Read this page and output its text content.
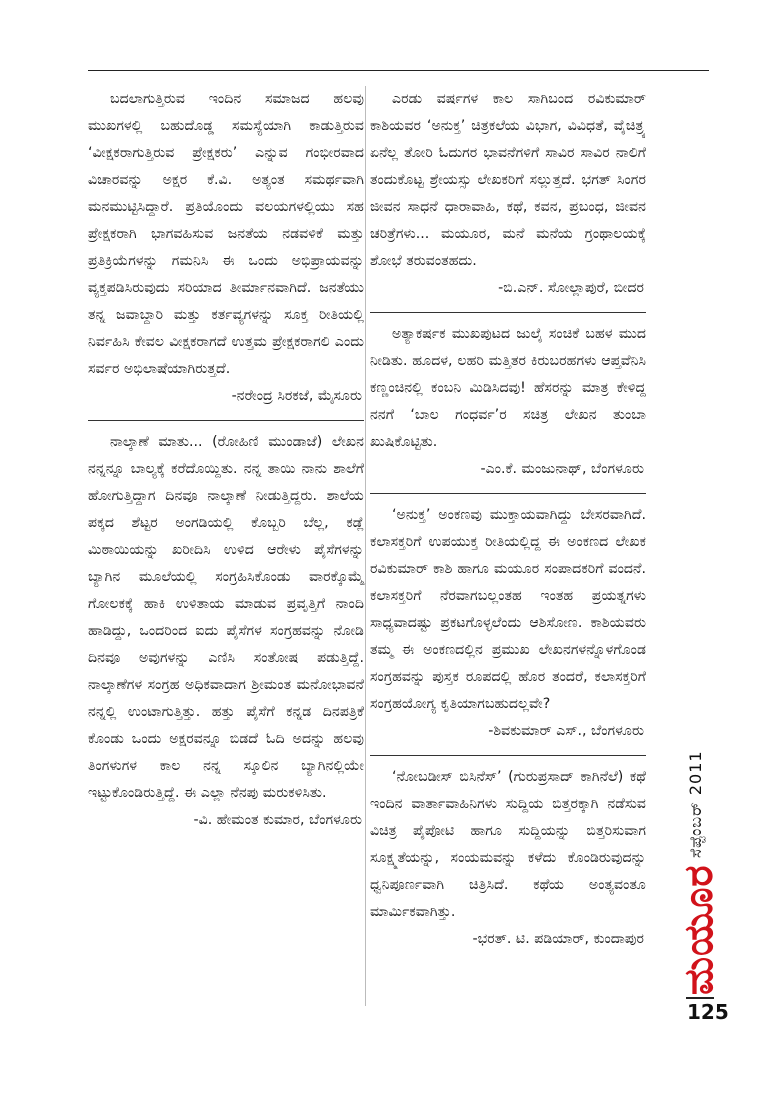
ಬದಲಾಗುತ್ತಿರುವ ಇಂದಿನ ಸಮಾಜದ ಹಲವು ಮುಖಗಳಲ್ಲಿ ಬಹುದೊಡ್ಡ ಸಮಸ್ಯೆಯಾಗಿ ಕಾಡುತ್ತಿರುವ ‘ವೀಕ್ಷಕರಾಗುತ್ತಿರುವ ಪ್ರೇಕ್ಷಕರು’ ಎನ್ನುವ ಗಂಭೀರವಾದ ವಿಚಾರವನ್ನು ಅಕ್ಷರ ಕೆ.ವಿ. ಅತ್ಯಂತ ಸಮರ್ಥವಾಗಿ ಮನಮುಟ್ಟಿಸಿದ್ದಾರೆ. ಪ್ರತಿಯೊಂದು ವಲಯಗಳಲ್ಲಿಯು ಸಹ ಪ್ರೇಕ್ಷಕರಾಗಿ ಭಾಗವಹಿಸುವ ಜನತೆಯ ನಡವಳಿಕೆ ಮತ್ತು ಪ್ರತಿಕ್ರಿಯೆಗಳನ್ನು ಗಮನಿಸಿ ಈ ಒಂದು ಅಭಿಪ್ರಾಯವನ್ನು ವ್ಯಕ್ತಪಡಿಸಿರುವುದು ಸರಿಯಾದ ತೀರ್ಮಾನವಾಗಿದೆ. ಜನತೆಯು ತನ್ನ ಜವಾಬ್ದಾರಿ ಮತ್ತು ಕರ್ತವ್ಯಗಳನ್ನು ಸೂಕ್ತ ರೀತಿಯಲ್ಲಿ ನಿರ್ವಹಿಸಿ ಕೇವಲ ವೀಕ್ಷಕರಾಗದೆ ಉತ್ತಮ ಪ್ರೇಕ್ಷಕರಾಗಲಿ ಎಂದು ಸರ್ವರ ಅಭಿಲಾಷೆಯಾಗಿರುತ್ತದೆ.

-ನರೇಂದ್ರ ಸಿರಕಜೆ, ಮೈಸೂರು

ನಾಲ್ಕಾಣೆ ಮಾತು... (ರೋಹಿಣಿ ಮುಂಡಾಜೆ) ಲೇಖನ ನನ್ನನ್ನೂ ಬಾಲ್ಯಕ್ಕೆ ಕರೆದೊಯ್ದಿತು. ನನ್ನ ತಾಯಿ ನಾನು ಶಾಲೆಗೆ ಹೋಗುತ್ತಿದ್ದಾಗ ದಿನವೂ ನಾಲ್ಕಾಣೆ ನೀಡುತ್ತಿದ್ದರು. ಶಾಲೆಯ ಪಕ್ಕದ ಶೆಟ್ಟರ ಅಂಗಡಿಯಲ್ಲಿ ಕೊಬ್ಬರಿ ಬೆಲ್ಲ, ಕಡ್ಲೆ ಮಿಠಾಯಿಯನ್ನು ಖರೀದಿಸಿ ಉಳಿದ ಆರೇಳು ಪೈಸೆಗಳನ್ನು ಬ್ಯಾಗಿನ ಮೂಲೆಯಲ್ಲಿ ಸಂಗ್ರಹಿಸಿಕೊಂಡು ವಾರಕ್ಕೊಮ್ಮೆ ಗೋಲಕಕ್ಕೆ ಹಾಕಿ ಉಳಿತಾಯ ಮಾಡುವ ಪ್ರವೃತ್ತಿಗೆ ನಾಂದಿ ಹಾಡಿದ್ದು, ಒಂದರಿಂದ ಐದು ಪೈಸೆಗಳ ಸಂಗ್ರಹವನ್ನು ನೋಡಿ ದಿನವೂ ಅವುಗಳನ್ನು ಎಣಿಸಿ ಸಂತೋಷ ಪಡುತ್ತಿದ್ದೆ. ನಾಲ್ಕಾಣೆಗಳ ಸಂಗ್ರಹ ಅಧಿಕವಾದಾಗ ಶ್ರೀಮಂತ ಮನೋಭಾವನೆ ನನ್ನಲ್ಲಿ ಉಂಟಾಗುತ್ತಿತ್ತು. ಹತ್ತು ಪೈಸೆಗೆ ಕನ್ನಡ ದಿನಪತ್ರಿಕೆ ಕೊಂಡು ಒಂದು ಅಕ್ಷರವನ್ನೂ ಬಿಡದೆ ಓದಿ ಅದನ್ನು ಹಲವು ತಿಂಗಳುಗಳ ಕಾಲ ನನ್ನ ಸ್ಕೂಲಿನ ಬ್ಯಾಗಿನಲ್ಲಿಯೇ ಇಟ್ಟುಕೊಂಡಿರುತ್ತಿದ್ದೆ. ಈ ಎಲ್ಲಾ ನೆನಪು ಮರುಕಳಿಸಿತು.

-ವಿ. ಹೇಮಂತ ಕುಮಾರ, ಬೆಂಗಳೂರು

ಎರಡು ವರ್ಷಗಳ ಕಾಲ ಸಾಗಿಬಂದ ರವಿಕುಮಾರ್ ಕಾಶಿಯವರ ‘ಅನುಕ್ತ’ ಚಿತ್ರಕಲೆಯ ವಿಭಾಗ, ವಿವಿಧತೆ, ವೈಚಿತ್ರ್ಯ ಏನೆಲ್ಲ ತೋರಿ ಓದುಗರ ಭಾವನೆಗಳಿಗೆ ಸಾವಿರ ಸಾವಿರ ನಾಲಿಗೆ ತಂದುಕೊಟ್ಟ ಶ್ರೇಯಸ್ಸು ಲೇಖಕರಿಗೆ ಸಲ್ಲುತ್ತದೆ. ಭಗತ್ ಸಿಂಗರ ಜೀವನ ಸಾಧನೆ ಧಾರಾವಾಹಿ, ಕಥೆ, ಕವನ, ಪ್ರಬಂಧ, ಜೀವನ ಚರಿತ್ರೆಗಳು... ಮಯೂರ, ಮನೆ ಮನೆಯ ಗ್ರಂಥಾಲಯಕ್ಕೆ ಶೋಭೆ ತರುವಂತಹದು.

-ಬಿ.ಎನ್. ಸೋಲ್ಲಾಪುರೆ, ಬೀದರ

ಅತ್ಯಾಕರ್ಷಕ ಮುಖಪುಟದ ಜುಲೈ ಸಂಚಿಕೆ ಬಹಳ ಮುದ ನೀಡಿತು. ಹೂದಳ, ಲಹರಿ ಮತ್ತಿತರ ಕಿರುಬರಹಗಳು ಆಪ್ತವೆನಿಸಿ ಕಣ್ಣಂಚಿನಲ್ಲಿ ಕಂಬನಿ ಮಿಡಿಸಿದವು! ಹೆಸರನ್ನು ಮಾತ್ರ ಕೇಳಿದ್ದ ನನಗೆ ‘ಬಾಲ ಗಂಧರ್ವ’ರ ಸಚಿತ್ರ ಲೇಖನ ತುಂಬಾ ಖುಷಿಕೊಟ್ಟಿತು.

-ಎಂ.ಕೆ. ಮಂಜುನಾಥ್, ಬೆಂಗಳೂರು

‘ಅನುಕ್ತ’ ಅಂಕಣವು ಮುಕ್ತಾಯವಾಗಿದ್ದು ಬೇಸರವಾಗಿದೆ. ಕಲಾಸಕ್ತರಿಗೆ ಉಪಯುಕ್ತ ರೀತಿಯಲ್ಲಿದ್ದ ಈ ಅಂಕಣದ ಲೇಖಕ ರವಿಕುಮಾರ್ ಕಾಶಿ ಹಾಗೂ ಮಯೂರ ಸಂಪಾದಕರಿಗೆ ವಂದನೆ. ಕಲಾಸಕ್ತರಿಗೆ ನೆರವಾಗಬಲ್ಲಂತಹ ಇಂತಹ ಪ್ರಯತ್ನಗಳು ಸಾಧ್ಯವಾದಷ್ಟು ಪ್ರಕಟಗೊಳ್ಳಲೆಂದು ಆಶಿಸೋಣ. ಕಾಶಿಯವರು ತಮ್ಮ ಈ ಅಂಕಣದಲ್ಲಿನ ಪ್ರಮುಖ ಲೇಖನಗಳನ್ನೊಳಗೊಂಡ ಸಂಗ್ರಹವನ್ನು ಪುಸ್ತಕ ರೂಪದಲ್ಲಿ ಹೊರ ತಂದರೆ, ಕಲಾಸಕ್ತರಿಗೆ ಸಂಗ್ರಹಯೋಗ್ಯ ಕೃತಿಯಾಗಬಹುದಲ್ಲವೇ?

-ಶಿವಕುಮಾರ್ ಎಸ್., ಬೆಂಗಳೂರು

‘ನೋಬಡೀಸ್ ಬಿಸಿನೆಸ್’ (ಗುರುಪ್ರಸಾದ್ ಕಾಗಿನೆಲೆ) ಕಥೆ ಇಂದಿನ ವಾರ್ತಾವಾಹಿನಿಗಳು ಸುದ್ದಿಯ ಬಿತ್ತರಕ್ಕಾಗಿ ನಡೆಸುವ ವಿಚಿತ್ರ ಪೈಪೋಟಿ ಹಾಗೂ ಸುದ್ದಿಯನ್ನು ಬಿತ್ತರಿಸುವಾಗ ಸೂಕ್ಷ್ಮತೆಯನ್ನು, ಸಂಯಮವನ್ನು ಕಳೆದು ಕೊಂಡಿರುವುದನ್ನು ಧ್ವನಿಪೂರ್ಣವಾಗಿ ಚಿತ್ರಿಸಿದೆ. ಕಥೆಯ ಅಂತ್ಯವಂತೂ ಮಾರ್ಮಿಕವಾಗಿತ್ತು.

-ಭರತ್. ಟಿ. ಪಡಿಯಾರ್, ಕುಂದಾಪುರ
ಸೆಪ್ಟೆಂಬರ್ 2011
ಮಯೂರ
125
